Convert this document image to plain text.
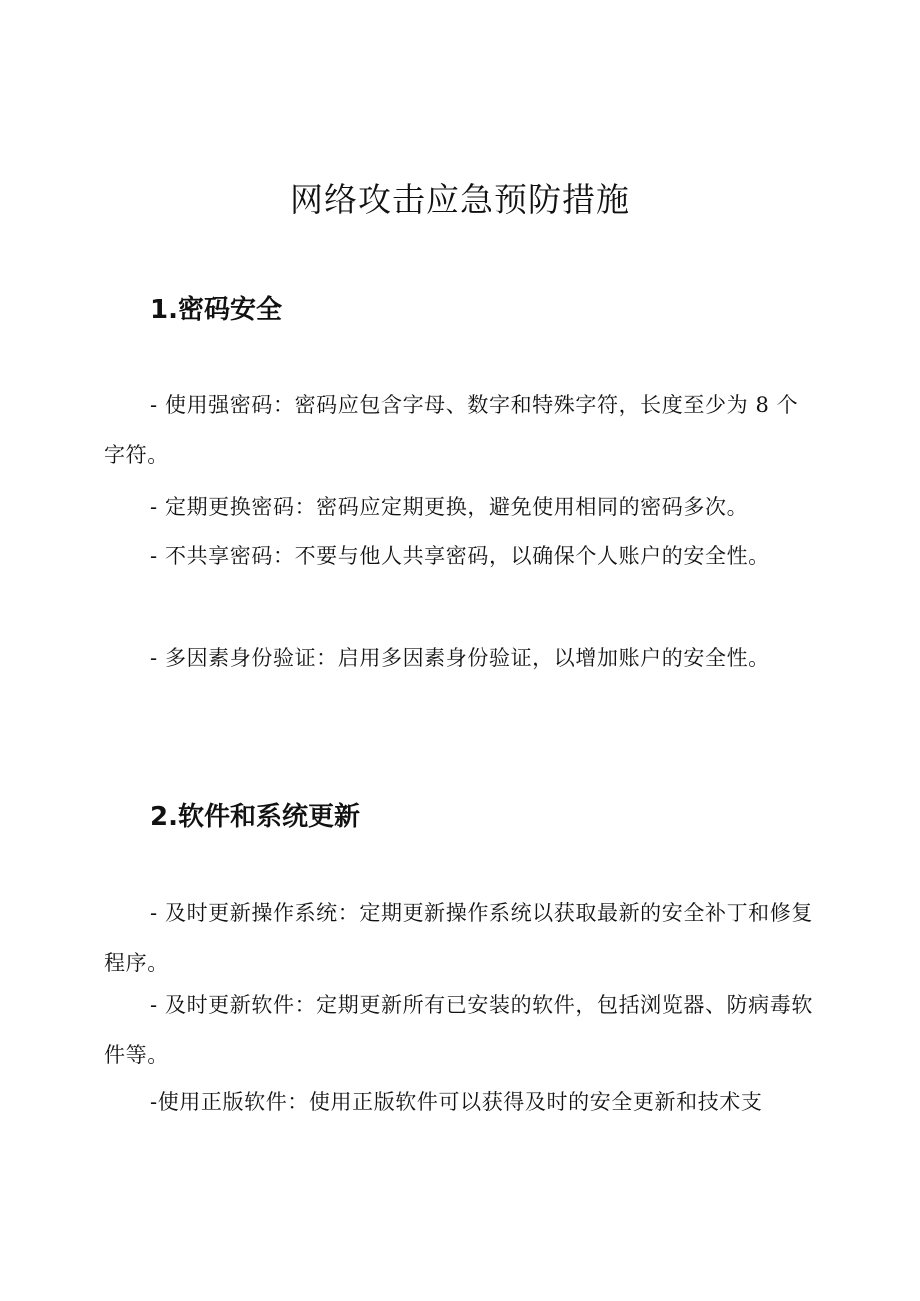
网络攻击应急预防措施
1.密码安全
- 使用强密码：密码应包含字母、数字和特殊字符，长度至少为 8 个字符。
- 定期更换密码：密码应定期更换，避免使用相同的密码多次。
- 不共享密码：不要与他人共享密码，以确保个人账户的安全性。
- 多因素身份验证：启用多因素身份验证，以增加账户的安全性。
2.软件和系统更新
- 及时更新操作系统：定期更新操作系统以获取最新的安全补丁和修复程序。
- 及时更新软件：定期更新所有已安装的软件，包括浏览器、防病毒软件等。
-使用正版软件：使用正版软件可以获得及时的安全更新和技术支
